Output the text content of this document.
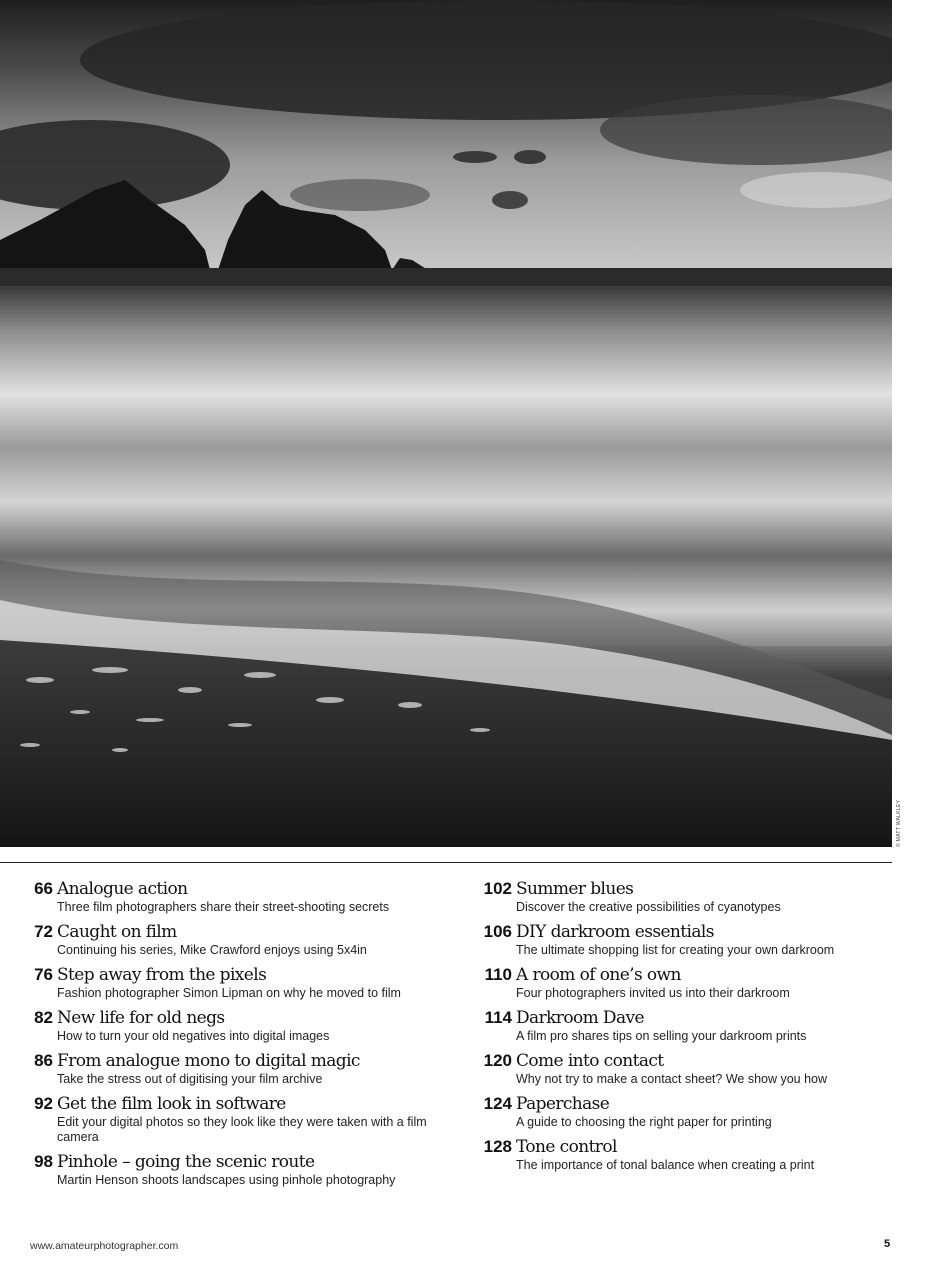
© MATT WALKLEY
66 Analogue action
Three film photographers share their street-shooting secrets
72 Caught on film
Continuing his series, Mike Crawford enjoys using 5x4in
76 Step away from the pixels
Fashion photographer Simon Lipman on why he moved to film
82 New life for old negs
How to turn your old negatives into digital images
86 From analogue mono to digital magic
Take the stress out of digitising your film archive
92 Get the film look in software
Edit your digital photos so they look like they were taken with a film camera
98 Pinhole – going the scenic route
Martin Henson shoots landscapes using pinhole photography
102 Summer blues
Discover the creative possibilities of cyanotypes
106 DIY darkroom essentials
The ultimate shopping list for creating your own darkroom
110 A room of one’s own
Four photographers invited us into their darkroom
114 Darkroom Dave
A film pro shares tips on selling your darkroom prints
120 Come into contact
Why not try to make a contact sheet? We show you how
124 Paperchase
A guide to choosing the right paper for printing
128 Tone control
The importance of tonal balance when creating a print
www.amateurphotographer.com	5
